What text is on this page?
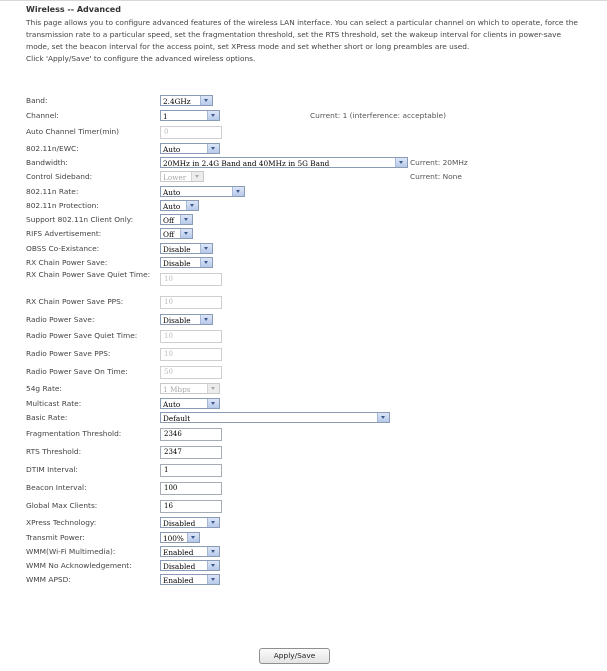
Wireless -- Advanced

This page allows you to configure advanced features of the wireless LAN interface. You can select a particular channel on which to operate, force the transmission rate to a particular speed, set the fragmentation threshold, set the RTS threshold, set the wakeup interval for clients in power-save mode, set the beacon interval for the access point, set XPress mode and set whether short or long preambles are used.

Click 'Apply/Save' to configure the advanced wireless options.

Band:	2.4GHz
Channel:	1	Current: 1 (interference: acceptable)
Auto Channel Timer(min)	0
802.11n/EWC:	Auto
Bandwidth:	20MHz in 2.4G Band and 40MHz in 5G Band	Current: 20MHz
Control Sideband:	Lower	Current: None
802.11n Rate:	Auto
802.11n Protection:	Auto
Support 802.11n Client Only:	Off
RIFS Advertisement:	Off
OBSS Co-Existance:	Disable
RX Chain Power Save:	Disable
RX Chain Power Save Quiet Time:	10
RX Chain Power Save PPS:	10
Radio Power Save:	Disable
Radio Power Save Quiet Time:	10
Radio Power Save PPS:	10
Radio Power Save On Time:	50
54g Rate:	1 Mbps
Multicast Rate:	Auto
Basic Rate:	Default
Fragmentation Threshold:	2346
RTS Threshold:	2347
DTIM Interval:	1
Beacon Interval:	100
Global Max Clients:	16
XPress Technology:	Disabled
Transmit Power:	100%
WMM(Wi-Fi Multimedia):	Enabled
WMM No Acknowledgement:	Disabled
WMM APSD:	Enabled
Apply/Save
